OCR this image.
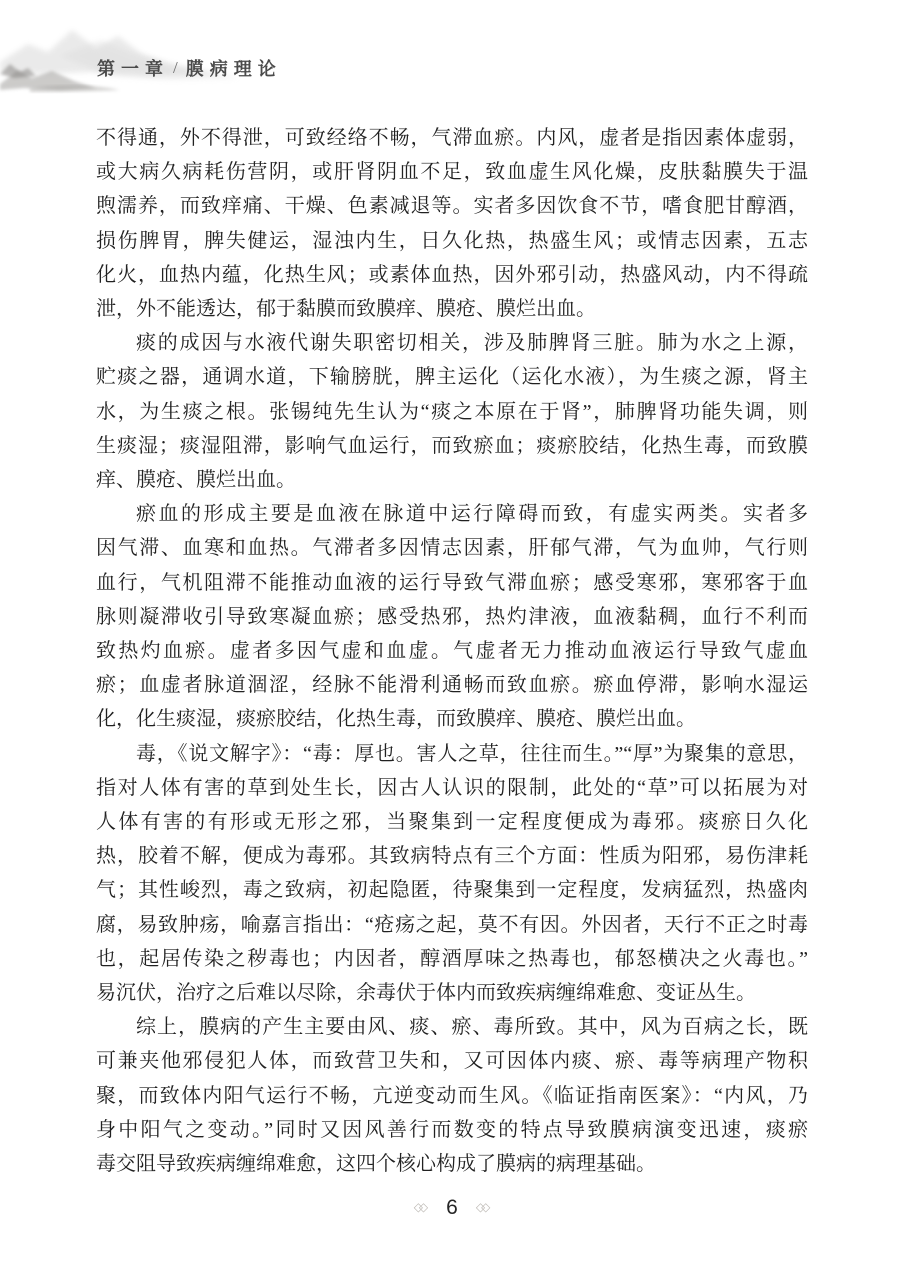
第一章 / 膜病理论
不得通，外不得泄，可致经络不畅，气滞血瘀。内风，虚者是指因素体虚弱，
或大病久病耗伤营阴，或肝肾阴血不足，致血虚生风化燥，皮肤黏膜失于温
煦濡养，而致痒痛、干燥、色素减退等。实者多因饮食不节，嗜食肥甘醇酒，
损伤脾胃，脾失健运，湿浊内生，日久化热，热盛生风；或情志因素，五志
化火，血热内蕴，化热生风；或素体血热，因外邪引动，热盛风动，内不得疏
泄，外不能透达，郁于黏膜而致膜痒、膜疮、膜烂出血。
痰的成因与水液代谢失职密切相关，涉及肺脾肾三脏。肺为水之上源，
贮痰之器，通调水道，下输膀胱，脾主运化（运化水液），为生痰之源，肾主
水，为生痰之根。张锡纯先生认为“痰之本原在于肾”，肺脾肾功能失调，则
生痰湿；痰湿阻滞，影响气血运行，而致瘀血；痰瘀胶结，化热生毒，而致膜
痒、膜疮、膜烂出血。
瘀血的形成主要是血液在脉道中运行障碍而致，有虚实两类。实者多
因气滞、血寒和血热。气滞者多因情志因素，肝郁气滞，气为血帅，气行则
血行，气机阻滞不能推动血液的运行导致气滞血瘀；感受寒邪，寒邪客于血
脉则凝滞收引导致寒凝血瘀；感受热邪，热灼津液，血液黏稠，血行不利而
致热灼血瘀。虚者多因气虚和血虚。气虚者无力推动血液运行导致气虚血
瘀；血虚者脉道涸涩，经脉不能滑利通畅而致血瘀。瘀血停滞，影响水湿运
化，化生痰湿，痰瘀胶结，化热生毒，而致膜痒、膜疮、膜烂出血。
毒，《说文解字》：“毒：厚也。害人之草，往往而生。”“厚”为聚集的意思，
指对人体有害的草到处生长，因古人认识的限制，此处的“草”可以拓展为对
人体有害的有形或无形之邪，当聚集到一定程度便成为毒邪。痰瘀日久化
热，胶着不解，便成为毒邪。其致病特点有三个方面：性质为阳邪，易伤津耗
气；其性峻烈，毒之致病，初起隐匿，待聚集到一定程度，发病猛烈，热盛肉
腐，易致肿疡，喻嘉言指出：“疮疡之起，莫不有因。外因者，天行不正之时毒
也，起居传染之秽毒也；内因者，醇酒厚味之热毒也，郁怒横决之火毒也。”
易沉伏，治疗之后难以尽除，余毒伏于体内而致疾病缠绵难愈、变证丛生。
综上，膜病的产生主要由风、痰、瘀、毒所致。其中，风为百病之长，既
可兼夹他邪侵犯人体，而致营卫失和，又可因体内痰、瘀、毒等病理产物积
聚，而致体内阳气运行不畅，亢逆变动而生风。《临证指南医案》：“内风，乃
身中阳气之变动。”同时又因风善行而数变的特点导致膜病演变迅速，痰瘀
毒交阻导致疾病缠绵难愈，这四个核心构成了膜病的病理基础。
◇◇ 6 ◇◇
